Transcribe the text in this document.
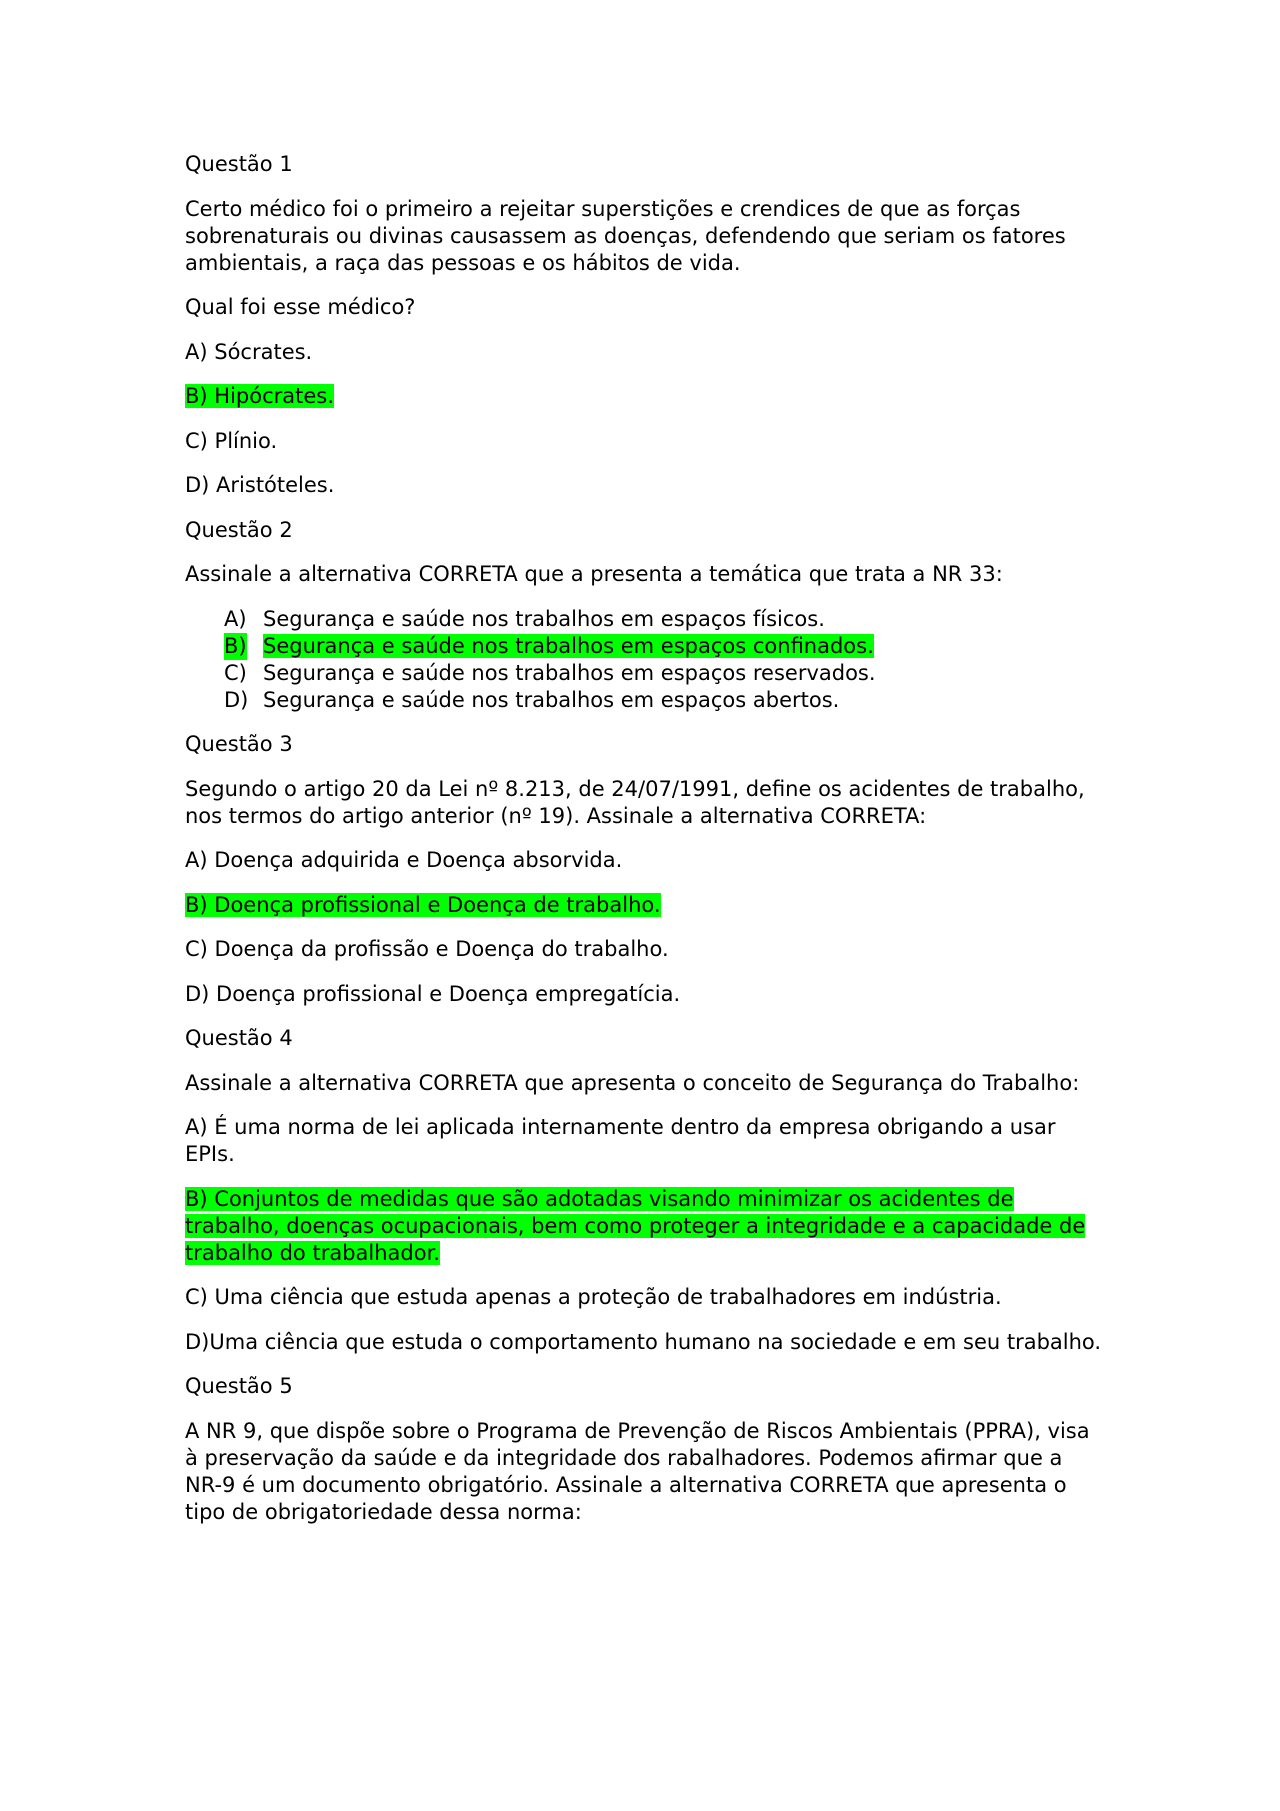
Questão 1

Certo médico foi o primeiro a rejeitar superstições e crendices de que as forças sobrenaturais ou divinas causassem as doenças, defendendo que seriam os fatores ambientais, a raça das pessoas e os hábitos de vida.

Qual foi esse médico?

A) Sócrates.

B) Hipócrates.

C) Plínio.

D) Aristóteles.

Questão 2

Assinale a alternativa CORRETA que a presenta a temática que trata a NR 33:

A) Segurança e saúde nos trabalhos em espaços físicos.
B) Segurança e saúde nos trabalhos em espaços confinados.
C) Segurança e saúde nos trabalhos em espaços reservados.
D) Segurança e saúde nos trabalhos em espaços abertos.

Questão 3

Segundo o artigo 20 da Lei nº 8.213, de 24/07/1991, define os acidentes de trabalho, nos termos do artigo anterior (nº 19). Assinale a alternativa CORRETA:

A) Doença adquirida e Doença absorvida.

B) Doença profissional e Doença de trabalho.

C) Doença da profissão e Doença do trabalho.

D) Doença profissional e Doença empregatícia.

Questão 4

Assinale a alternativa CORRETA que apresenta o conceito de Segurança do Trabalho:

A) É uma norma de lei aplicada internamente dentro da empresa obrigando a usar EPIs.

B) Conjuntos de medidas que são adotadas visando minimizar os acidentes de trabalho, doenças ocupacionais, bem como proteger a integridade e a capacidade de trabalho do trabalhador.

C) Uma ciência que estuda apenas a proteção de trabalhadores em indústria.

D)Uma ciência que estuda o comportamento humano na sociedade e em seu trabalho.

Questão 5

A NR 9, que dispõe sobre o Programa de Prevenção de Riscos Ambientais (PPRA), visa à preservação da saúde e da integridade dos rabalhadores. Podemos afirmar que a NR-9 é um documento obrigatório. Assinale a alternativa CORRETA que apresenta o tipo de obrigatoriedade dessa norma:
